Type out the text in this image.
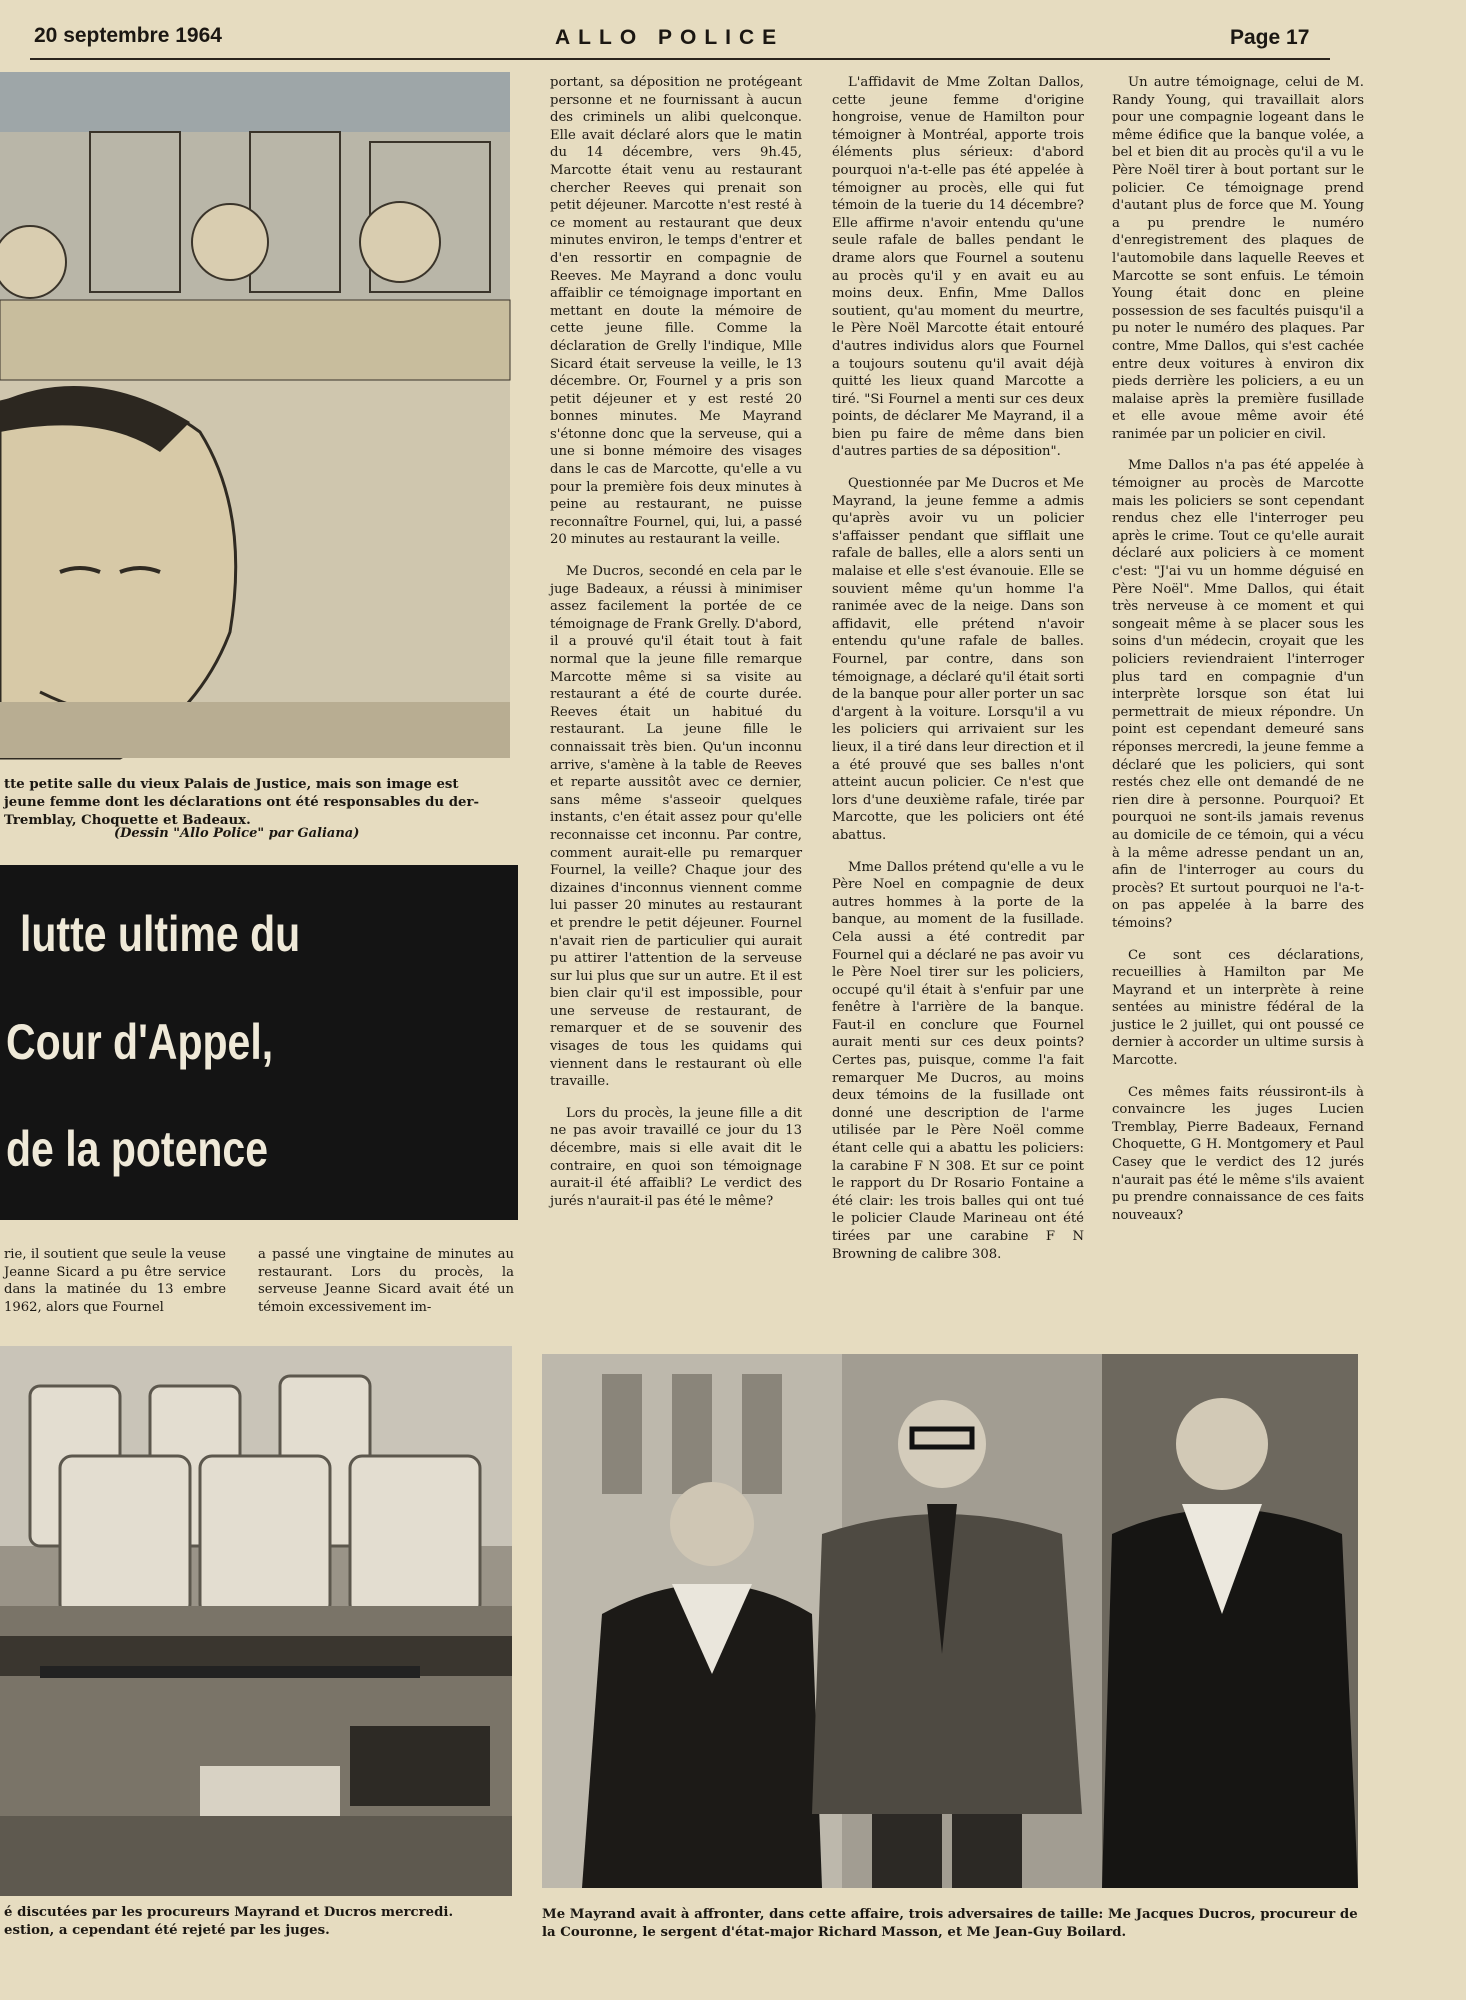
20 septembre 1964	ALLO POLICE	Page 17
tte petite salle du vieux Palais de Justice, mais son image est jeune femme dont les déclarations ont été responsables du der- Tremblay, Choquette et Badeaux.
(Dessin "Allo Police" par Galiana)
lutte ultime du
Cour d'Appel,
de la potence
rie, il soutient que seule la veuse Jeanne Sicard a pu être service dans la matinée du 13 embre 1962, alors que Fournel
a passé une vingtaine de minutes au restaurant. Lors du procès, la serveuse Jeanne Sicard avait été un témoin excessivement im-

portant, sa déposition ne protégeant personne et ne fournissant à aucun des criminels un alibi quelconque. Elle avait déclaré alors que le matin du 14 décembre, vers 9h.45, Marcotte était venu au restaurant chercher Reeves qui prenait son petit déjeuner. Marcotte n'est resté à ce moment au restaurant que deux minutes environ, le temps d'entrer et d'en ressortir en compagnie de Reeves. Me Mayrand a donc voulu affaiblir ce témoignage important en mettant en doute la mémoire de cette jeune fille. Comme la déclaration de Grelly l'indique, Mlle Sicard était serveuse la veille, le 13 décembre. Or, Fournel y a pris son petit déjeuner et y est resté 20 bonnes minutes. Me Mayrand s'étonne donc que la serveuse, qui a une si bonne mémoire des visages dans le cas de Marcotte, qu'elle a vu pour la première fois deux minutes à peine au restaurant, ne puisse reconnaître Fournel, qui, lui, a passé 20 minutes au restaurant la veille.

Me Ducros, secondé en cela par le juge Badeaux, a réussi à minimiser assez facilement la portée de ce témoignage de Frank Grelly. D'abord, il a prouvé qu'il était tout à fait normal que la jeune fille remarque Marcotte même si sa visite au restaurant a été de courte durée. Reeves était un habitué du restaurant. La jeune fille le connaissait très bien. Qu'un inconnu arrive, s'amène à la table de Reeves et reparte aussitôt avec ce dernier, sans même s'asseoir quelques instants, c'en était assez pour qu'elle reconnaisse cet inconnu. Par contre, comment aurait-elle pu remarquer Fournel, la veille? Chaque jour des dizaines d'inconnus viennent comme lui passer 20 minutes au restaurant et prendre le petit déjeuner. Fournel n'avait rien de particulier qui aurait pu attirer l'attention de la serveuse sur lui plus que sur un autre. Et il est bien clair qu'il est impossible, pour une serveuse de restaurant, de remarquer et de se souvenir des visages de tous les quidams qui viennent dans le restaurant où elle travaille.

Lors du procès, la jeune fille a dit ne pas avoir travaillé ce jour du 13 décembre, mais si elle avait dit le contraire, en quoi son témoignage aurait-il été affaibli? Le verdict des jurés n'aurait-il pas été le même?

L'affidavit de Mme Zoltan Dallos, cette jeune femme d'origine hongroise, venue de Hamilton pour témoigner à Montréal, apporte trois éléments plus sérieux: d'abord pourquoi n'a-t-elle pas été appelée à témoigner au procès, elle qui fut témoin de la tuerie du 14 décembre? Elle affirme n'avoir entendu qu'une seule rafale de balles pendant le drame alors que Fournel a soutenu au procès qu'il y en avait eu au moins deux. Enfin, Mme Dallos soutient, qu'au moment du meurtre, le Père Noël Marcotte était entouré d'autres individus alors que Fournel a toujours soutenu qu'il avait déjà quitté les lieux quand Marcotte a tiré. "Si Fournel a menti sur ces deux points, de déclarer Me Mayrand, il a bien pu faire de même dans bien d'autres parties de sa déposition".

Questionnée par Me Ducros et Me Mayrand, la jeune femme a admis qu'après avoir vu un policier s'affaisser pendant que sifflait une rafale de balles, elle a alors senti un malaise et elle s'est évanouie. Elle se souvient même qu'un homme l'a ranimée avec de la neige. Dans son affidavit, elle prétend n'avoir entendu qu'une rafale de balles. Fournel, par contre, dans son témoignage, a déclaré qu'il était sorti de la banque pour aller porter un sac d'argent à la voiture. Lorsqu'il a vu les policiers qui arrivaient sur les lieux, il a tiré dans leur direction et il a été prouvé que ses balles n'ont atteint aucun policier. Ce n'est que lors d'une deuxième rafale, tirée par Marcotte, que les policiers ont été abattus.

Mme Dallos prétend qu'elle a vu le Père Noel en compagnie de deux autres hommes à la porte de la banque, au moment de la fusillade. Cela aussi a été contredit par Fournel qui a déclaré ne pas avoir vu le Père Noel tirer sur les policiers, occupé qu'il était à s'enfuir par une fenêtre à l'arrière de la banque. Faut-il en conclure que Fournel aurait menti sur ces deux points? Certes pas, puisque, comme l'a fait remarquer Me Ducros, au moins deux témoins de la fusillade ont donné une description de l'arme utilisée par le Père Noël comme étant celle qui a abattu les policiers: la carabine F N 308. Et sur ce point le rapport du Dr Rosario Fontaine a été clair: les trois balles qui ont tué le policier Claude Marineau ont été tirées par une carabine F N Browning de calibre 308.

Un autre témoignage, celui de M. Randy Young, qui travaillait alors pour une compagnie logeant dans le même édifice que la banque volée, a bel et bien dit au procès qu'il a vu le Père Noël tirer à bout portant sur le policier. Ce témoignage prend d'autant plus de force que M. Young a pu prendre le numéro d'enregistrement des plaques de l'automobile dans laquelle Reeves et Marcotte se sont enfuis. Le témoin Young était donc en pleine possession de ses facultés puisqu'il a pu noter le numéro des plaques. Par contre, Mme Dallos, qui s'est cachée entre deux voitures à environ dix pieds derrière les policiers, a eu un malaise après la première fusillade et elle avoue même avoir été ranimée par un policier en civil.

Mme Dallos n'a pas été appelée à témoigner au procès de Marcotte mais les policiers se sont cependant rendus chez elle l'interroger peu après le crime. Tout ce qu'elle aurait déclaré aux policiers à ce moment c'est: "J'ai vu un homme déguisé en Père Noël". Mme Dallos, qui était très nerveuse à ce moment et qui songeait même à se placer sous les soins d'un médecin, croyait que les policiers reviendraient l'interroger plus tard en compagnie d'un interprète lorsque son état lui permettrait de mieux répondre. Un point est cependant demeuré sans réponses mercredi, la jeune femme a déclaré que les policiers, qui sont restés chez elle ont demandé de ne rien dire à personne. Pourquoi? Et pourquoi ne sont-ils jamais revenus au domicile de ce témoin, qui a vécu à la même adresse pendant un an, afin de l'interroger au cours du procès? Et surtout pourquoi ne l'a-t-on pas appelée à la barre des témoins?

Ce sont ces déclarations, recueillies à Hamilton par Me Mayrand et un interprète à reine sentées au ministre fédéral de la justice le 2 juillet, qui ont poussé ce dernier à accorder un ultime sursis à Marcotte.

Ces mêmes faits réussiront-ils à convaincre les juges Lucien Tremblay, Pierre Badeaux, Fernand Choquette, G H. Montgomery et Paul Casey que le verdict des 12 jurés n'aurait pas été le même s'ils avaient pu prendre connaissance de ces faits nouveaux?

é discutées par les procureurs Mayrand et Ducros mercredi. estion, a cependant été rejeté par les juges.
Me Mayrand avait à affronter, dans cette affaire, trois adversaires de taille: Me Jacques Ducros, procureur de la Couronne, le sergent d'état-major Richard Masson, et Me Jean-Guy Boilard.
